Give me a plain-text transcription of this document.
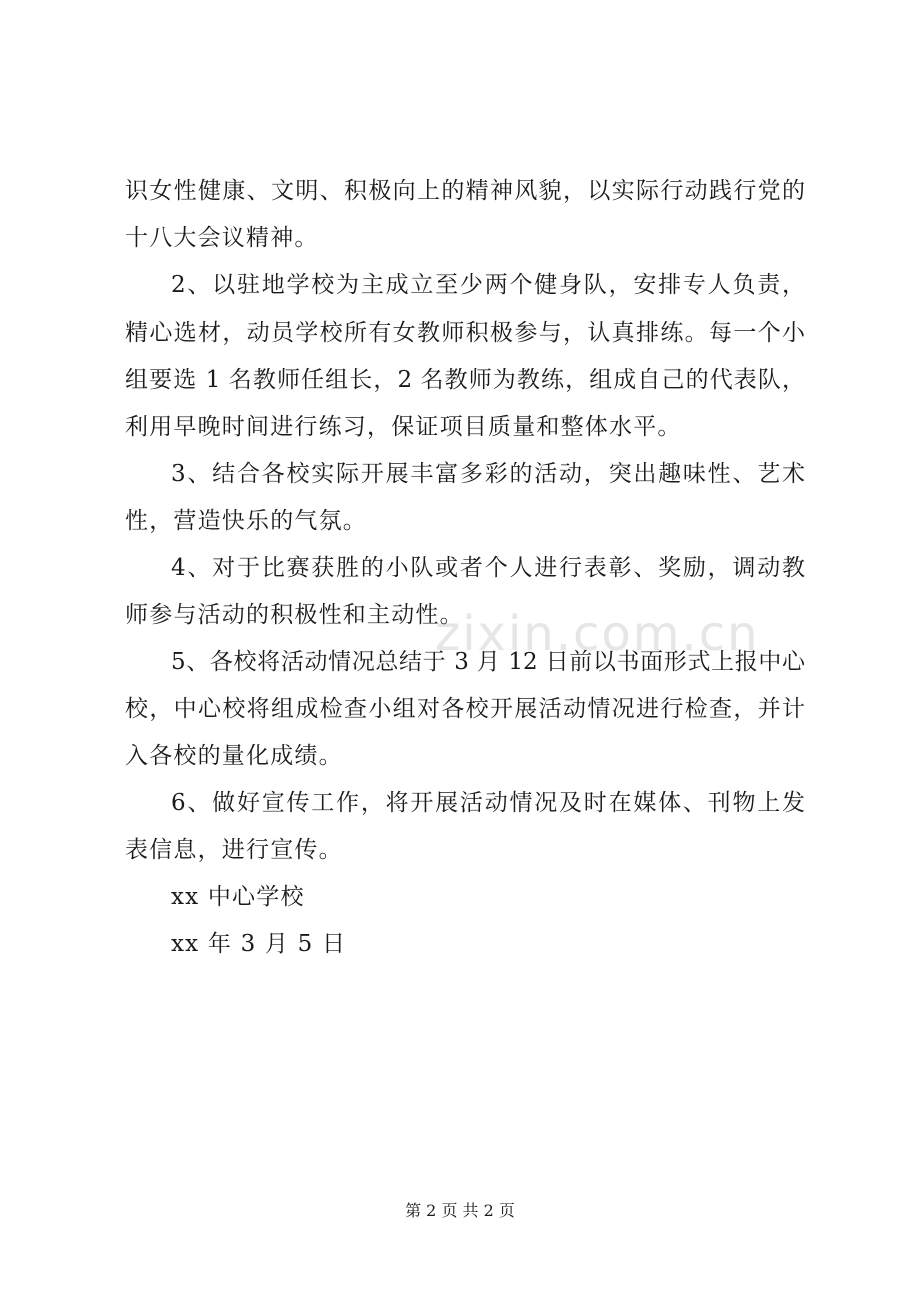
zixin.com.cn
识女性健康、文明、积极向上的精神风貌，以实际行动践行党的
十八大会议精神。
2、以驻地学校为主成立至少两个健身队，安排专人负责，
精心选材，动员学校所有女教师积极参与，认真排练。每一个小
组要选 1 名教师任组长，2 名教师为教练，组成自己的代表队，
利用早晚时间进行练习，保证项目质量和整体水平。
3、结合各校实际开展丰富多彩的活动，突出趣味性、艺术
性，营造快乐的气氛。
4、对于比赛获胜的小队或者个人进行表彰、奖励，调动教
师参与活动的积极性和主动性。
5、各校将活动情况总结于 3 月 12 日前以书面形式上报中心
校，中心校将组成检查小组对各校开展活动情况进行检查，并计
入各校的量化成绩。
6、做好宣传工作，将开展活动情况及时在媒体、刊物上发
表信息，进行宣传。
xx 中心学校
xx 年 3 月 5 日
第 2 页 共 2 页
